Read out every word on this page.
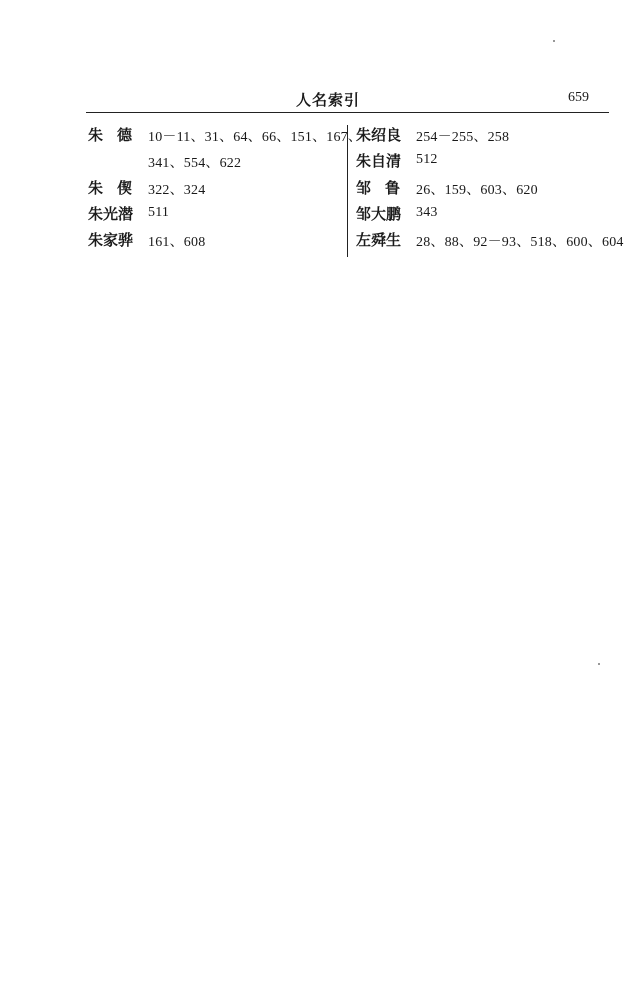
人名索引	659
朱德 10－11、31、64、66、151、167、
341、554、622
朱偰 322、324
朱光潜 511
朱家骅 161、608
朱绍良 254－255、258
朱自清 512
邹鲁 26、159、603、620
邹大鹏 343
左舜生 28、88、92－93、518、600、604
